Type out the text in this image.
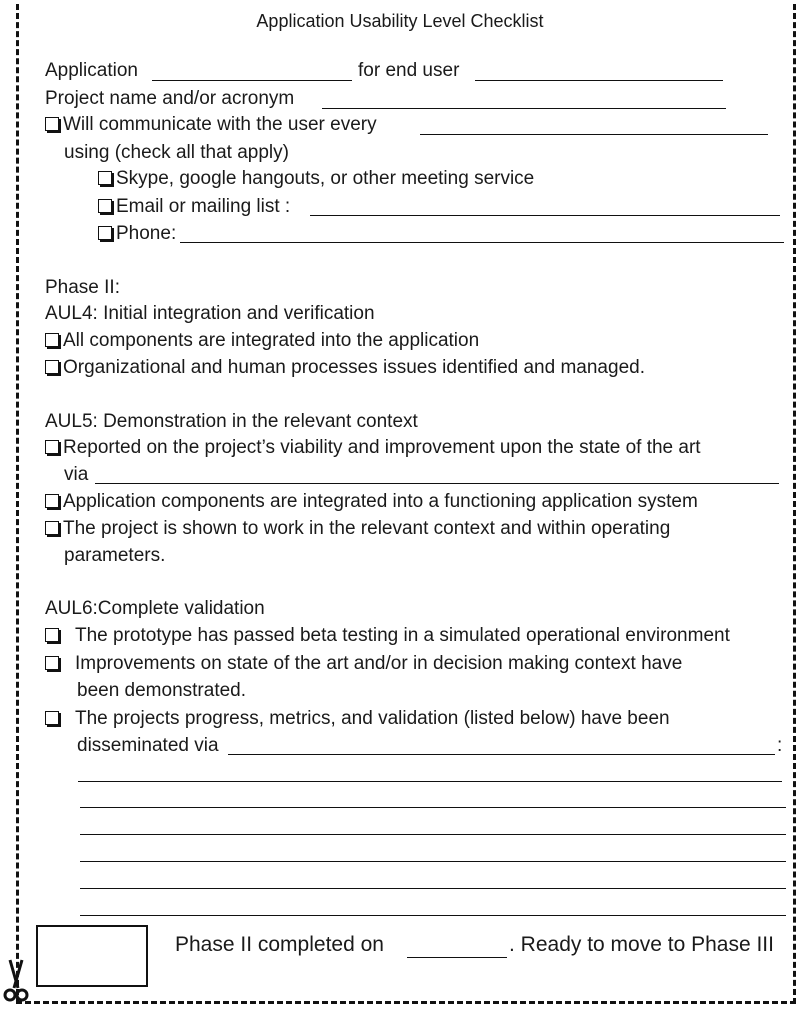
Application Usability Level Checklist
Application	for end user
Project name and/or acronym
Will communicate with the user every
using (check all that apply)
Skype, google hangouts, or other meeting service
Email or mailing list :
Phone:
Phase II:
AUL4: Initial integration and verification
All components are integrated into the application
Organizational and human processes issues identified and managed.
AUL5: Demonstration in the relevant context
Reported on the project’s viability and improvement upon the state of the art
via
Application components are integrated into a functioning application system
The project is shown to work in the relevant context and within operating
parameters.
AUL6:Complete validation
The prototype has passed beta testing in a simulated operational environment
Improvements on state of the art and/or in decision making context have
been demonstrated.
The projects progress, metrics, and validation (listed below) have been
disseminated via	:
Phase II completed on	. Ready to move to Phase III
